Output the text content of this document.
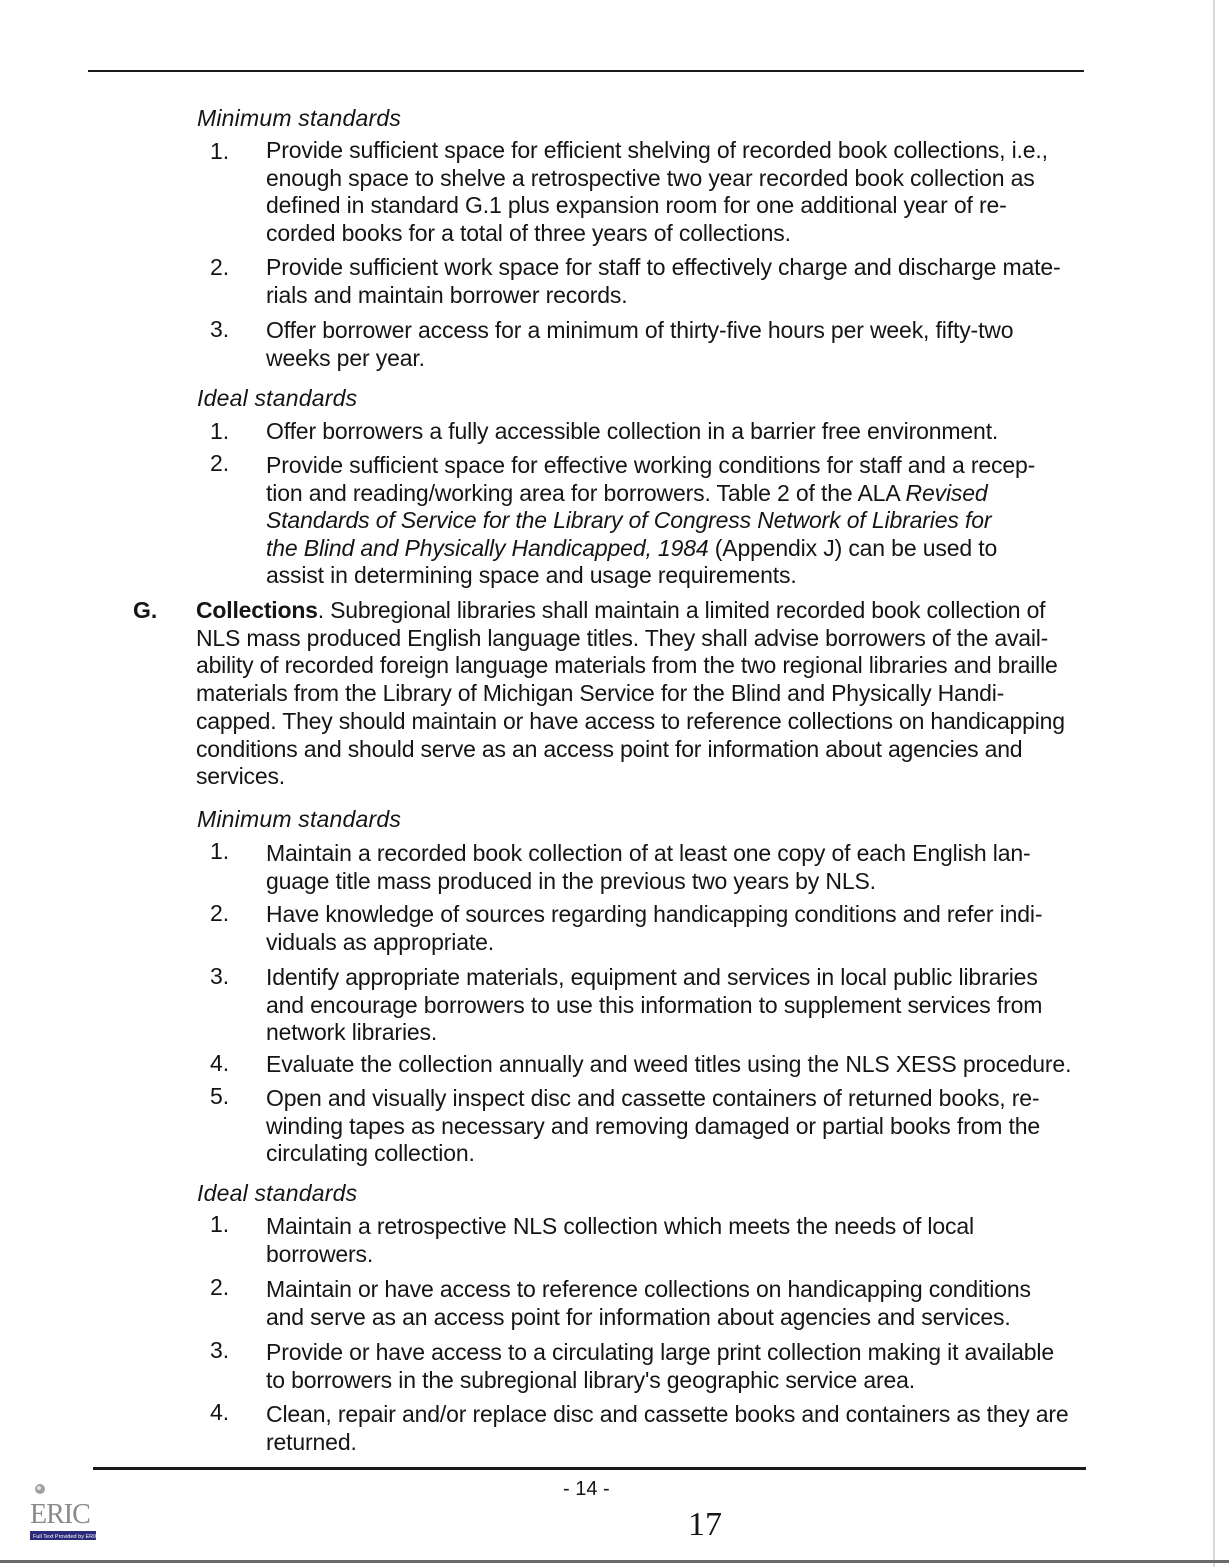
Minimum standards
1. Provide sufficient space for efficient shelving of recorded book collections, i.e.,

enough space to shelve a retrospective two year recorded book collection as

defined in standard G.1 plus expansion room for one additional year of re-

corded books for a total of three years of collections.

2. Provide sufficient work space for staff to effectively charge and discharge mate-

rials and maintain borrower records.

3. Offer borrower access for a minimum of thirty-five hours per week, fifty-two

weeks per year.

Ideal standards
1. Offer borrowers a fully accessible collection in a barrier free environment.

2. Provide sufficient space for effective working conditions for staff and a recep-

tion and reading/working area for borrowers. Table 2 of the ALA Revised

Standards of Service for the Library of Congress Network of Libraries for

the Blind and Physically Handicapped, 1984 (Appendix J) can be used to

assist in determining space and usage requirements.

G. Collections. Subregional libraries shall maintain a limited recorded book collection of

NLS mass produced English language titles. They shall advise borrowers of the avail-

ability of recorded foreign language materials from the two regional libraries and braille

materials from the Library of Michigan Service for the Blind and Physically Handi-

capped. They should maintain or have access to reference collections on handicapping

conditions and should serve as an access point for information about agencies and

services.

Minimum standards
1. Maintain a recorded book collection of at least one copy of each English lan-

guage title mass produced in the previous two years by NLS.

2. Have knowledge of sources regarding handicapping conditions and refer indi-

viduals as appropriate.

3. Identify appropriate materials, equipment and services in local public libraries

and encourage borrowers to use this information to supplement services from

network libraries.

4. Evaluate the collection annually and weed titles using the NLS XESS procedure.

5. Open and visually inspect disc and cassette containers of returned books, re-

winding tapes as necessary and removing damaged or partial books from the

circulating collection.

Ideal standards
1. Maintain a retrospective NLS collection which meets the needs of local

borrowers.

2. Maintain or have access to reference collections on handicapping conditions

and serve as an access point for information about agencies and services.

3. Provide or have access to a circulating large print collection making it available

to borrowers in the subregional library's geographic service area.

4. Clean, repair and/or replace disc and cassette books and containers as they are

returned.

- 14 -
17
ERIC
Full Text Provided by ERIC
